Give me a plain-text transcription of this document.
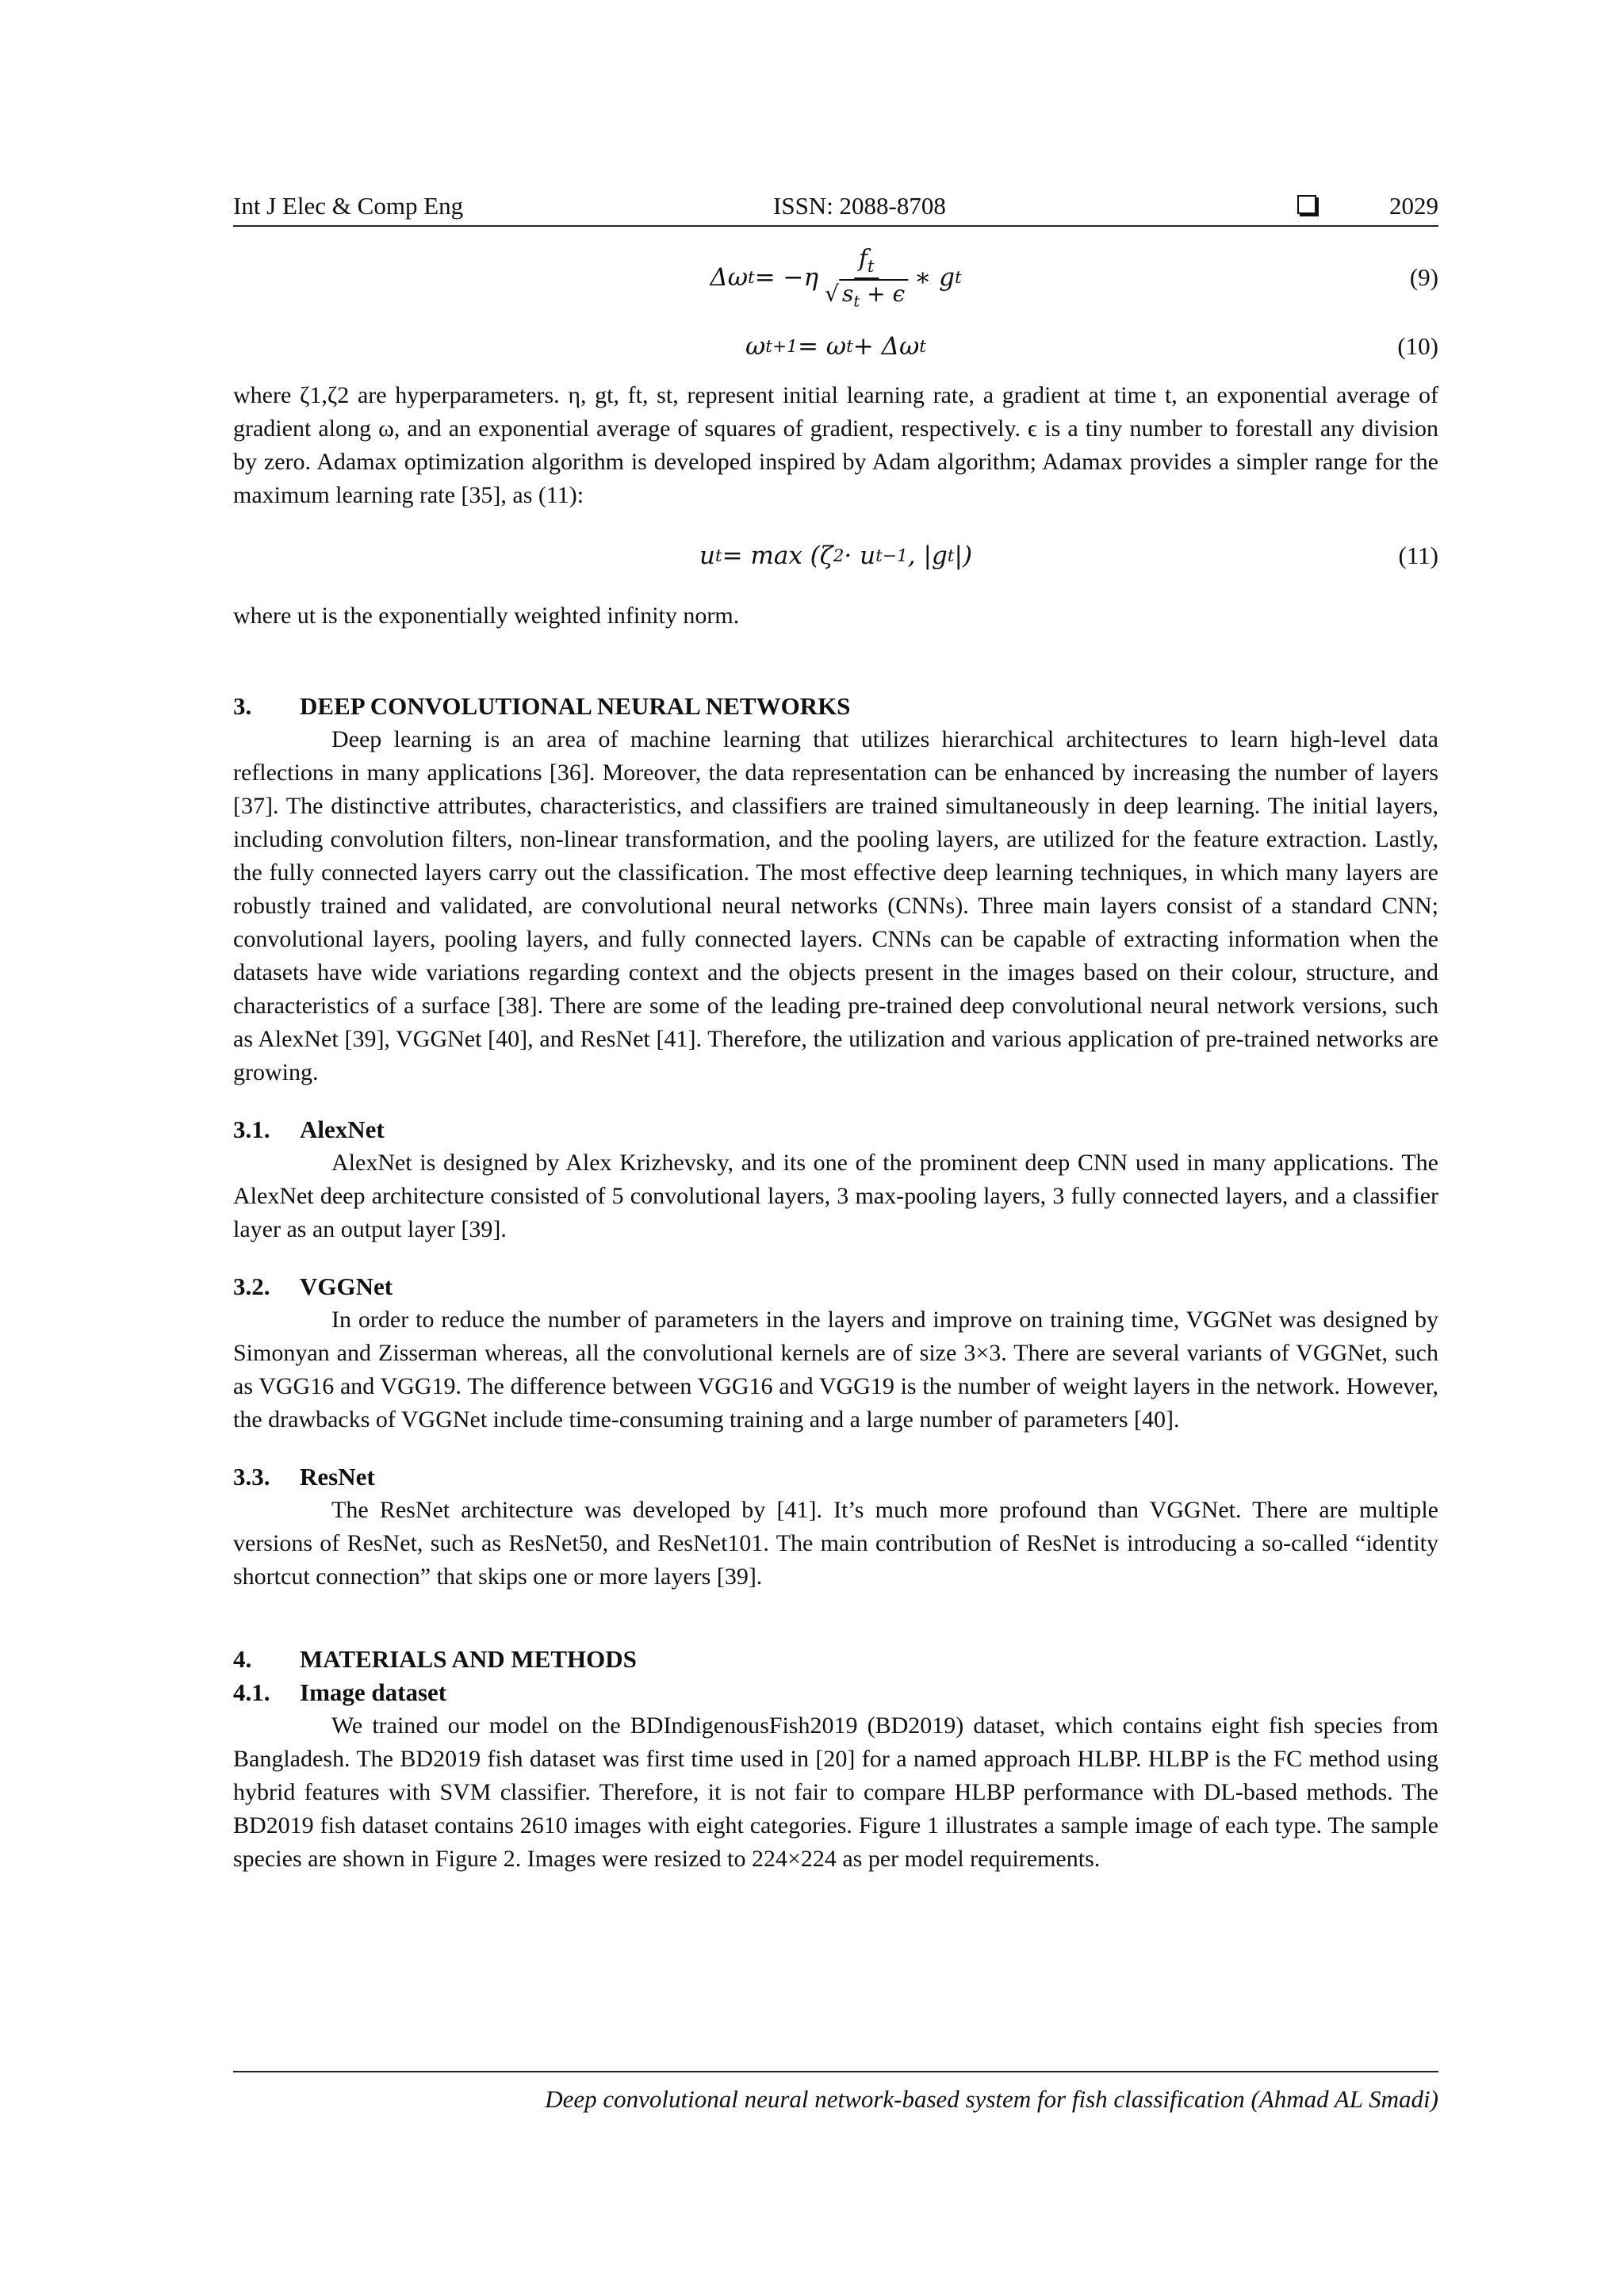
Int J Elec & Comp Eng	ISSN: 2088-8708	2029
Δω $t = -\eta \frac{f_t}{√ s_t + \epsilon}$ ∗ g t	(9)
ω t+1 = ω t + Δω t	(10)

where ζ1,ζ2 are hyperparameters. η, gt, ft, st, represent initial learning rate, a gradient at time t, an exponential average of gradient along ω, and an exponential average of squares of gradient, respectively. ϵ is a tiny number to forestall any division by zero. Adamax optimization algorithm is developed inspired by Adam algorithm; Adamax provides a simpler range for the maximum learning rate [35], as (11):

u t = max (ζ 2 · u t−1 , |g t |)	(11)

where ut is the exponentially weighted infinity norm.

3.	DEEP CONVOLUTIONAL NEURAL NETWORKS

Deep learning is an area of machine learning that utilizes hierarchical architectures to learn high-level data reflections in many applications [36]. Moreover, the data representation can be enhanced by increasing the number of layers [37]. The distinctive attributes, characteristics, and classifiers are trained simultaneously in deep learning. The initial layers, including convolution filters, non-linear transformation, and the pooling layers, are utilized for the feature extraction. Lastly, the fully connected layers carry out the classification. The most effective deep learning techniques, in which many layers are robustly trained and validated, are convolutional neural networks (CNNs). Three main layers consist of a standard CNN; convolutional layers, pooling layers, and fully connected layers. CNNs can be capable of extracting information when the datasets have wide variations regarding context and the objects present in the images based on their colour, structure, and characteristics of a surface [38]. There are some of the leading pre-trained deep convolutional neural network versions, such as AlexNet [39], VGGNet [40], and ResNet [41]. Therefore, the utilization and various application of pre-trained networks are growing.

3.1.	AlexNet

AlexNet is designed by Alex Krizhevsky, and its one of the prominent deep CNN used in many applications. The AlexNet deep architecture consisted of 5 convolutional layers, 3 max-pooling layers, 3 fully connected layers, and a classifier layer as an output layer [39].

3.2.	VGGNet

In order to reduce the number of parameters in the layers and improve on training time, VGGNet was designed by Simonyan and Zisserman whereas, all the convolutional kernels are of size 3×3. There are several variants of VGGNet, such as VGG16 and VGG19. The difference between VGG16 and VGG19 is the number of weight layers in the network. However, the drawbacks of VGGNet include time-consuming training and a large number of parameters [40].

3.3.	ResNet

The ResNet architecture was developed by [41]. It’s much more profound than VGGNet. There are multiple versions of ResNet, such as ResNet50, and ResNet101. The main contribution of ResNet is introducing a so-called “identity shortcut connection” that skips one or more layers [39].

4.	MATERIALS AND METHODS
4.1.	Image dataset

We trained our model on the BDIndigenousFish2019 (BD2019) dataset, which contains eight fish species from Bangladesh. The BD2019 fish dataset was first time used in [20] for a named approach HLBP. HLBP is the FC method using hybrid features with SVM classifier. Therefore, it is not fair to compare HLBP performance with DL-based methods. The BD2019 fish dataset contains 2610 images with eight categories. Figure 1 illustrates a sample image of each type. The sample species are shown in Figure 2. Images were resized to 224×224 as per model requirements.

Deep convolutional neural network-based system for fish classification (Ahmad AL Smadi)
